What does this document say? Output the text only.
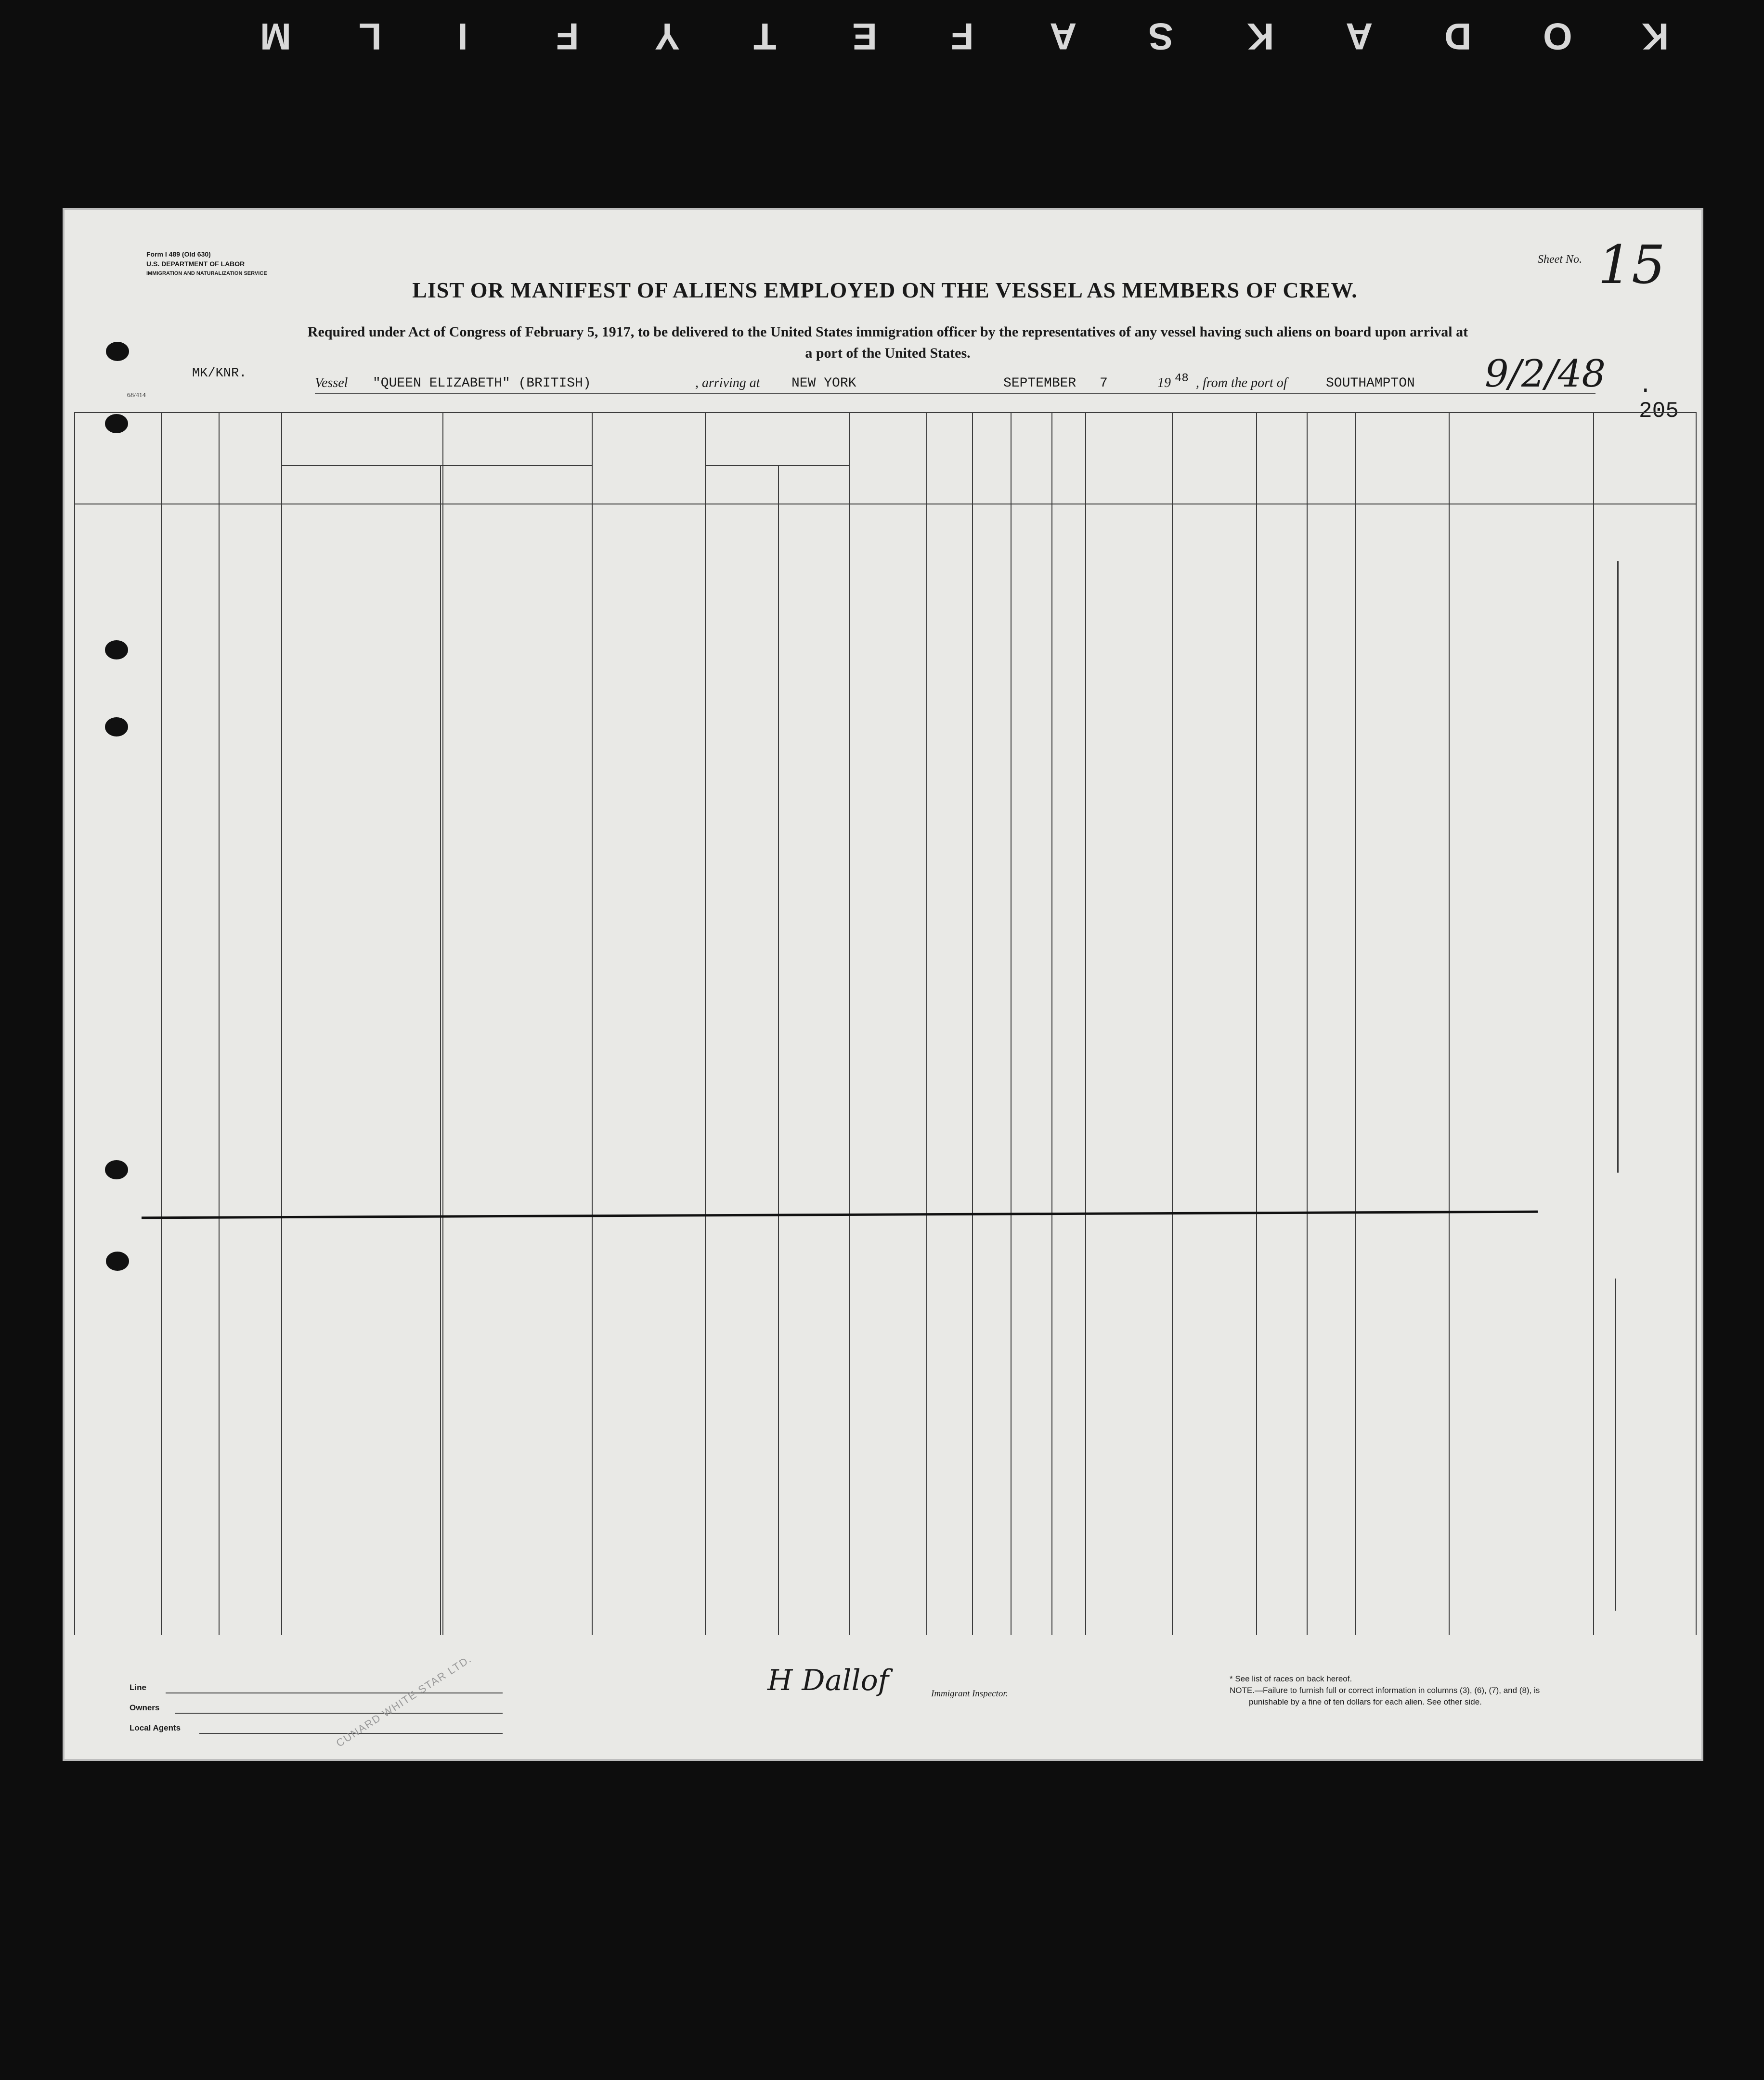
K
O
D
A
K
S
A
F
E
T
Y
F
I
L
M
Form I 489 (Old 630)
U.S. DEPARTMENT OF LABOR
IMMIGRATION AND NATURALIZATION SERVICE
Sheet No. 15
LIST OR MANIFEST OF ALIENS EMPLOYED ON THE VESSEL AS MEMBERS OF CREW.
Required under Act of Congress of February 5, 1917, to be delivered to the United States immigration officer by the representatives of any vessel having such aliens on board upon arrival at a port of the United States.
MK/KNR.
68/414
Vessel "QUEEN ELIZABETH" (BRITISH)	, arriving at NEW YORK	SEPTEMBER 7	19 48 , from the port of	SOUTHAMPTON 9/2/48 . 205
Line
Owners
Local Agents	CUNARD WHITE STAR LTD.	H Dallof	Immigrant Inspector.
* See list of races on back hereof.
NOTE.—Failure to furnish full or correct information in columns (3), (6), (7), and (8), is
punishable by a fine of ten dollars for each alien. See other side.
